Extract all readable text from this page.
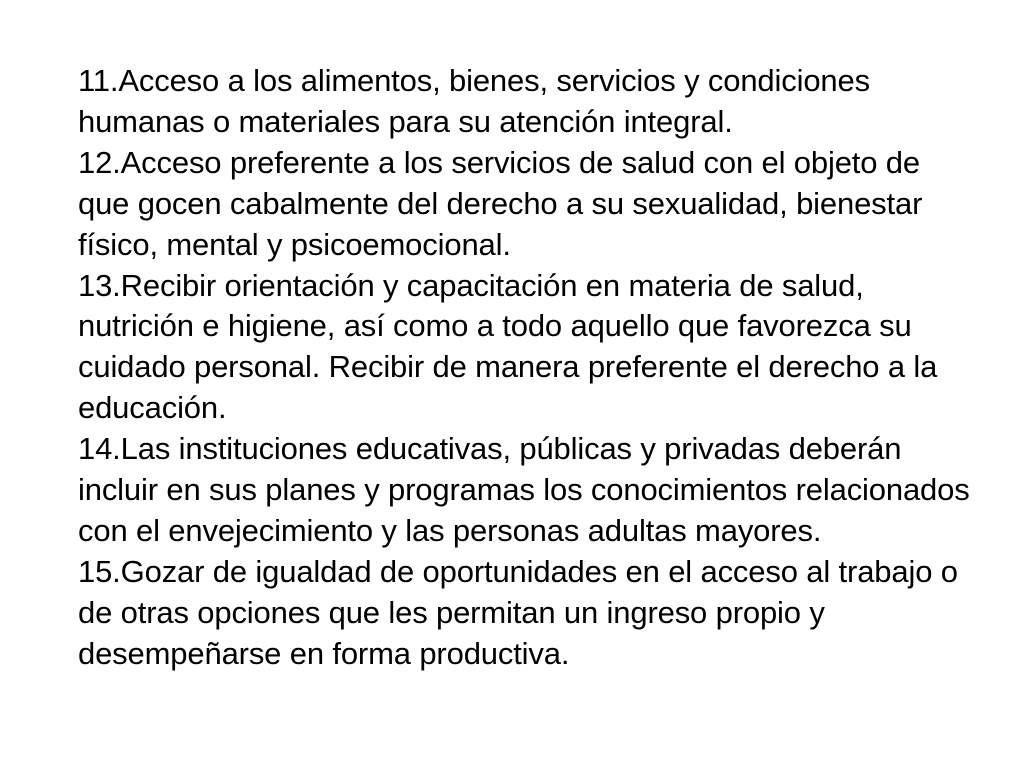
11.Acceso a los alimentos, bienes, servicios y condiciones humanas o materiales para su atención integral.

12.Acceso preferente a los servicios de salud con el objeto de que gocen cabalmente del derecho a su sexualidad, bienestar físico, mental y psicoemocional.

13.Recibir orientación y capacitación en materia de salud, nutrición e higiene, así como a todo aquello que favorezca su cuidado personal. Recibir de manera preferente el derecho a la educación.

14.Las instituciones educativas, públicas y privadas deberán incluir en sus planes y programas los conocimientos relacionados con el envejecimiento y las personas adultas mayores.

15.Gozar de igualdad de oportunidades en el acceso al trabajo o de otras opciones que les permitan un ingreso propio y desempeñarse en forma productiva.
